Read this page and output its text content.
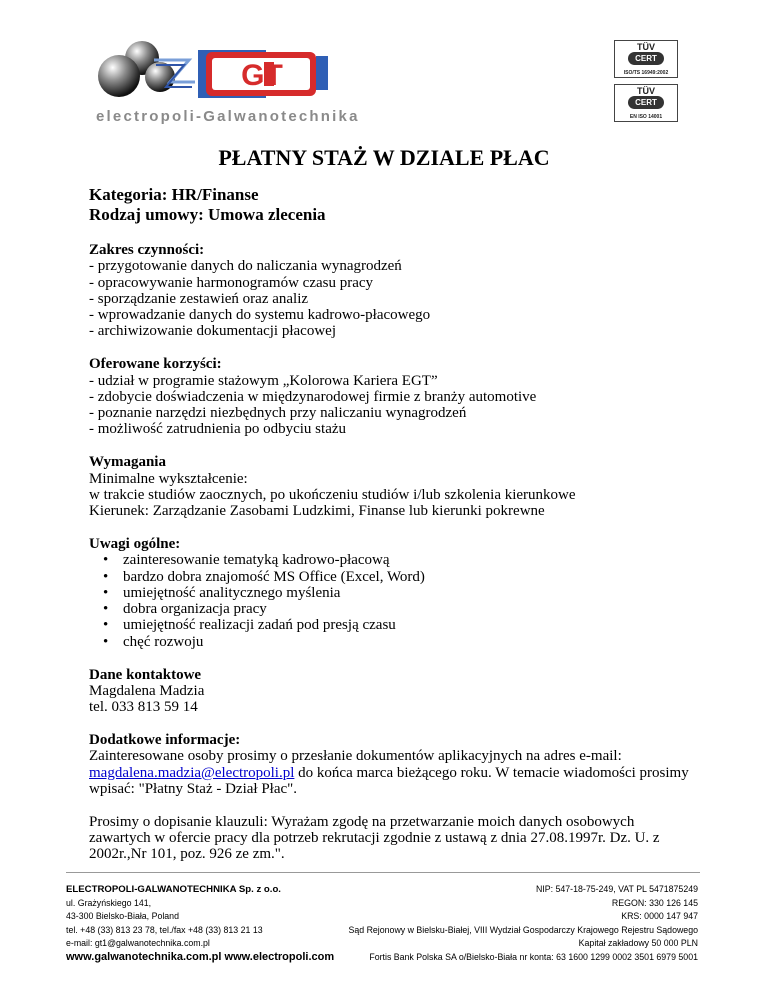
GT
electropoli-Galwanotechnika
TÜV
CERT
ISO/TS 16949:2002
TÜV
CERT
EN ISO 14001
PŁATNY STAŻ W DZIALE PŁAC

Kategoria: HR/Finanse

Rodzaj umowy: Umowa zlecenia

Zakres czynności:

- przygotowanie danych do naliczania wynagrodzeń

- opracowywanie harmonogramów czasu pracy

- sporządzanie zestawień oraz analiz

- wprowadzanie danych do systemu kadrowo-płacowego

- archiwizowanie dokumentacji płacowej

Oferowane korzyści:

- udział w programie stażowym „Kolorowa Kariera EGT”

- zdobycie doświadczenia w międzynarodowej firmie z branży automotive

- poznanie narzędzi niezbędnych przy naliczaniu wynagrodzeń

- możliwość zatrudnienia po odbyciu stażu

Wymagania

Minimalne wykształcenie:

w trakcie studiów zaocznych, po ukończeniu studiów i/lub szkolenia kierunkowe

Kierunek: Zarządzanie Zasobami Ludzkimi, Finanse lub kierunki pokrewne

Uwagi ogólne:

• zainteresowanie tematyką kadrowo-płacową
• bardzo dobra znajomość MS Office (Excel, Word)
• umiejętność analitycznego myślenia
• dobra organizacja pracy
• umiejętność realizacji zadań pod presją czasu
• chęć rozwoju

Dane kontaktowe

Magdalena Madzia

tel. 033 813 59 14

Dodatkowe informacje:

Zainteresowane osoby prosimy o przesłanie dokumentów aplikacyjnych na adres e-mail:
magdalena.madzia@electropoli.pl do końca marca bieżącego roku. W temacie wiadomości prosimy wpisać: "Płatny Staż - Dział Płac".

Prosimy o dopisanie klauzuli: Wyrażam zgodę na przetwarzanie moich danych osobowych zawartych w ofercie pracy dla potrzeb rekrutacji zgodnie z ustawą z dnia 27.08.1997r. Dz. U. z 2002r.,Nr 101, poz. 926 ze zm.".

ELECTROPOLI-GALWANOTECHNIKA Sp. z o.o.
ul. Grażyńskiego 141,
43-300 Bielsko-Biała, Poland
tel. +48 (33) 813 23 78, tel./fax +48 (33) 813 21 13
e-mail: gt1@galwanotechnika.com.pl
www.galwanotechnika.com.pl www.electropoli.com
NIP: 547-18-75-249, VAT PL 5471875249
REGON: 330 126 145
KRS: 0000 147 947
Sąd Rejonowy w Bielsku-Białej, VIII Wydział Gospodarczy Krajowego Rejestru Sądowego
Kapitał zakładowy 50 000 PLN
Fortis Bank Polska SA o/Bielsko-Biała nr konta: 63 1600 1299 0002 3501 6979 5001
